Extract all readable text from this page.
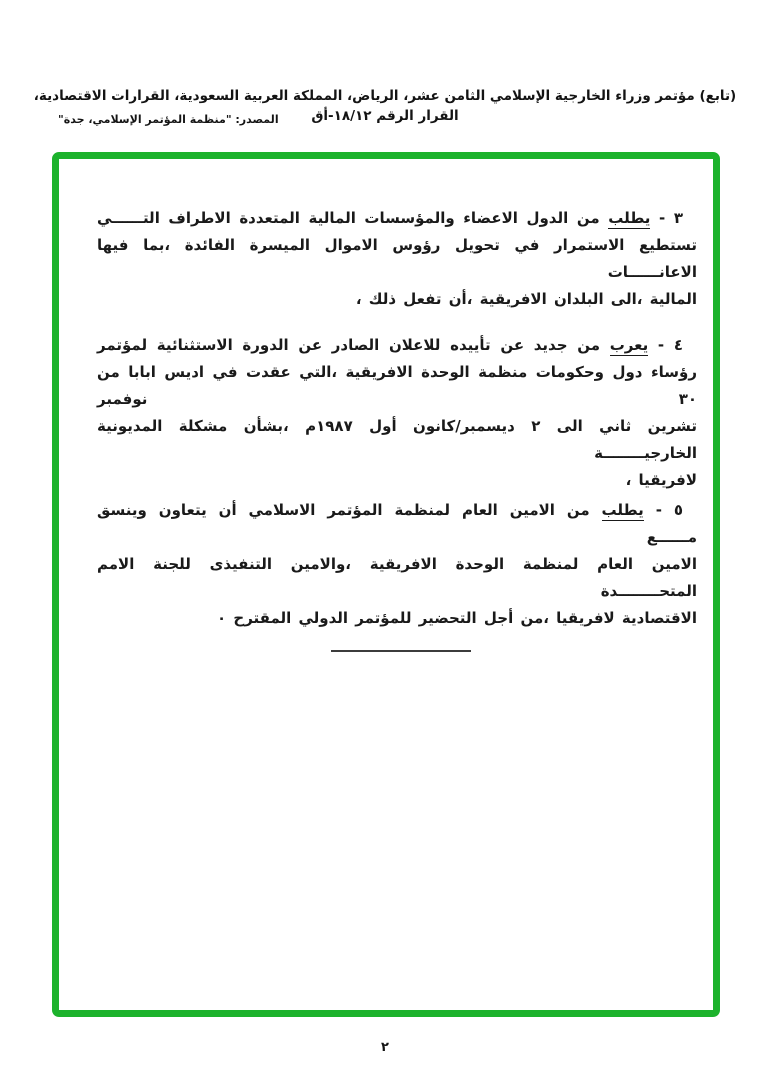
(تابع) مؤتمر وزراء الخارجية الإسلامي الثامن عشر، الرياض، المملكة العربية السعودية، القرارات الاقتصادية، القرار الرقم ١٨/١٢-أق
المصدر: "منظمة المؤتمر الإسلامي، جدة"
٣ - يطلب من الدول الاعضاء والمؤسسات المالية المتعددة الاطراف التــــــي
تستطيع الاستمرار في تحويل رؤوس الاموال الميسرة الفائدة ،بما فيها الاعانــــــات
المالية ،الى البلدان الافريقية ،أن تفعل ذلك ،
٤ - يعرب من جديد عن تأييده للاعلان الصادر عن الدورة الاستثنائية لمؤتمر
رؤساء دول وحكومات منظمة الوحدة الافريقية ،التي عقدت في اديس ابابا من ٣٠ نوفمبر
تشرين ثاني الى ٢ ديسمبر/كانون أول ١٩٨٧م ،بشأن مشكلة المديونية الخارجيــــــــة
لافريقيا ،
٥ - يطلب من الامين العام لمنظمة المؤتمر الاسلامي أن يتعاون وينسق مــــــع
الامين العام لمنظمة الوحدة الافريقية ،والامين التنفيذى للجنة الامم المتحــــــــدة
الاقتصادية لافريقيا ،من أجل التحضير للمؤتمر الدولي المقترح ٠
٢
